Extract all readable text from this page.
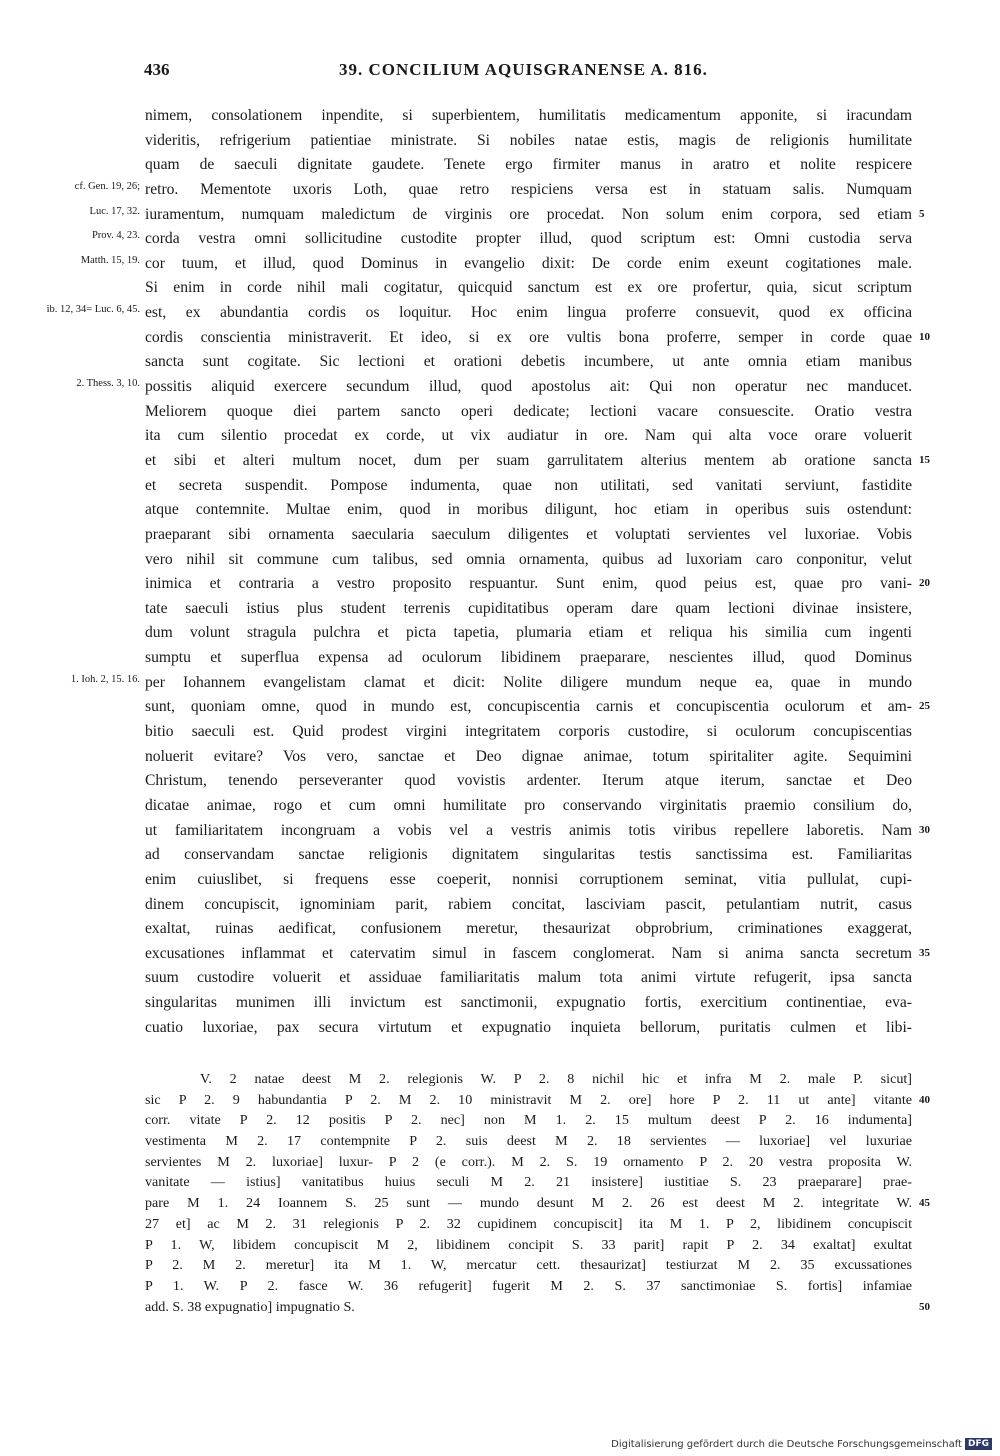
436	39. CONCILIUM AQUISGRANENSE A. 816.
nimem, consolationem inpendite, si superbientem, humilitatis medicamentum apponite, si iracundam
videritis, refrigerium patientiae ministrate. Si nobiles natae estis, magis de religionis humilitate
quam de saeculi dignitate gaudete. Tenete ergo firmiter manus in aratro et nolite respicere
retro. Mementote uxoris Loth, quae retro respiciens versa est in statuam salis. Numquam
cf. Gen. 19, 26;
iuramentum, numquam maledictum de virginis ore procedat. Non solum enim corpora, sed etiam
Luc. 17, 32.	5
corda vestra omni sollicitudine custodite propter illud, quod scriptum est: Omni custodia serva
Prov. 4, 23.
cor tuum, et illud, quod Dominus in evangelio dixit: De corde enim exeunt cogitationes male.
Matth. 15, 19.
Si enim in corde nihil mali cogitatur, quicquid sanctum est ex ore profertur, quia, sicut scriptum
est, ex abundantia cordis os loquitur. Hoc enim lingua proferre consuevit, quod ex officina
ib. 12, 34= Luc. 6, 45.
cordis conscientia ministraverit. Et ideo, si ex ore vultis bona proferre, semper in corde quae 10
sancta sunt cogitate. Sic lectioni et orationi debetis incumbere, ut ante omnia etiam manibus
possitis aliquid exercere secundum illud, quod apostolus ait: Qui non operatur nec manducet.
2. Thess. 3, 10.
Meliorem quoque diei partem sancto operi dedicate; lectioni vacare consuescite. Oratio vestra
ita cum silentio procedat ex corde, ut vix audiatur in ore. Nam qui alta voce orare voluerit
et sibi et alteri multum nocet, dum per suam garrulitatem alterius mentem ab oratione sancta 15
et secreta suspendit. Pompose indumenta, quae non utilitati, sed vanitati serviunt, fastidite
atque contemnite. Multae enim, quod in moribus diligunt, hoc etiam in operibus suis ostendunt:
praeparant sibi ornamenta saecularia saeculum diligentes et voluptati servientes vel luxoriae. Vobis
vero nihil sit commune cum talibus, sed omnia ornamenta, quibus ad luxoriam caro conponitur, velut
inimica et contraria a vestro proposito respuantur. Sunt enim, quod peius est, quae pro vani- 20
tate saeculi istius plus student terrenis cupiditatibus operam dare quam lectioni divinae insistere,
dum volunt stragula pulchra et picta tapetia, plumaria etiam et reliqua his similia cum ingenti
sumptu et superflua expensa ad oculorum libidinem praeparare, nescientes illud, quod Dominus
per Iohannem evangelistam clamat et dicit: Nolite diligere mundum neque ea, quae in mundo
1. Ioh. 2, 15. 16.
sunt, quoniam omne, quod in mundo est, concupiscentia carnis et concupiscentia oculorum et am- 25
bitio saeculi est. Quid prodest virgini integritatem corporis custodire, si oculorum concupiscentias
noluerit evitare? Vos vero, sanctae et Deo dignae animae, totum spiritaliter agite. Sequimini
Christum, tenendo perseveranter quod vovistis ardenter. Iterum atque iterum, sanctae et Deo
dicatae animae, rogo et cum omni humilitate pro conservando virginitatis praemio consilium do,
ut familiaritatem incongruam a vobis vel a vestris animis totis viribus repellere laboretis. Nam 30
ad conservandam sanctae religionis dignitatem singularitas testis sanctissima est. Familiaritas
enim cuiuslibet, si frequens esse coeperit, nonnisi corruptionem seminat, vitia pullulat, cupi-
dinem concupiscit, ignominiam parit, rabiem concitat, lasciviam pascit, petulantiam nutrit, casus
exaltat, ruinas aedificat, confusionem meretur, thesaurizat obprobrium, criminationes exaggerat,
excusationes inflammat et catervatim simul in fascem conglomerat. Nam si anima sancta secretum 35
suum custodire voluerit et assiduae familiaritatis malum tota animi virtute refugerit, ipsa sancta
singularitas munimen illi invictum est sanctimonii, expugnatio fortis, exercitium continentiae, eva-
cuatio luxoriae, pax secura virtutum et expugnatio inquieta bellorum, puritatis culmen et libi-
V. 2 natae deest M 2. relegionis W. P 2. 8 nichil hic et infra M 2. male P. sicut]
sic P 2. 9 habundantia P 2. M 2. 10 ministravit M 2. ore] hore P 2. 11 ut ante] vitante 40
corr. vitate P 2. 12 positis P 2. nec] non M 1. 2. 15 multum deest P 2. 16 indumenta]
vestimenta M 2. 17 contempnite P 2. suis deest M 2. 18 servientes — luxoriae] vel luxuriae
servientes M 2. luxoriae] luxur- P 2 (e corr.). M 2. S. 19 ornamento P 2. 20 vestra proposita W.
vanitate — istius] vanitatibus huius seculi M 2. 21 insistere] iustitiae S. 23 praeparare] prae-
pare M 1. 24 Ioannem S. 25 sunt — mundo desunt M 2. 26 est deest M 2. integritate W. 45
27 et] ac M 2. 31 relegionis P 2. 32 cupidinem concupiscit] ita M 1. P 2, libidinem concupiscit
P 1. W, libidem concupiscit M 2, libidinem concipit S. 33 parit] rapit P 2. 34 exaltat] exultat
P 2. M 2. meretur] ita M 1. W, mercatur cett. thesaurizat] testiurzat M 2. 35 excussationes
P 1. W. P 2. fasce W. 36 refugerit] fugerit M 2. S. 37 sanctimoniae S. fortis] infamiae
add. S. 38 expugnatio] impugnatio S.	50
Digitalisierung gefördert durch die Deutsche Forschungsgemeinschaft DFG
